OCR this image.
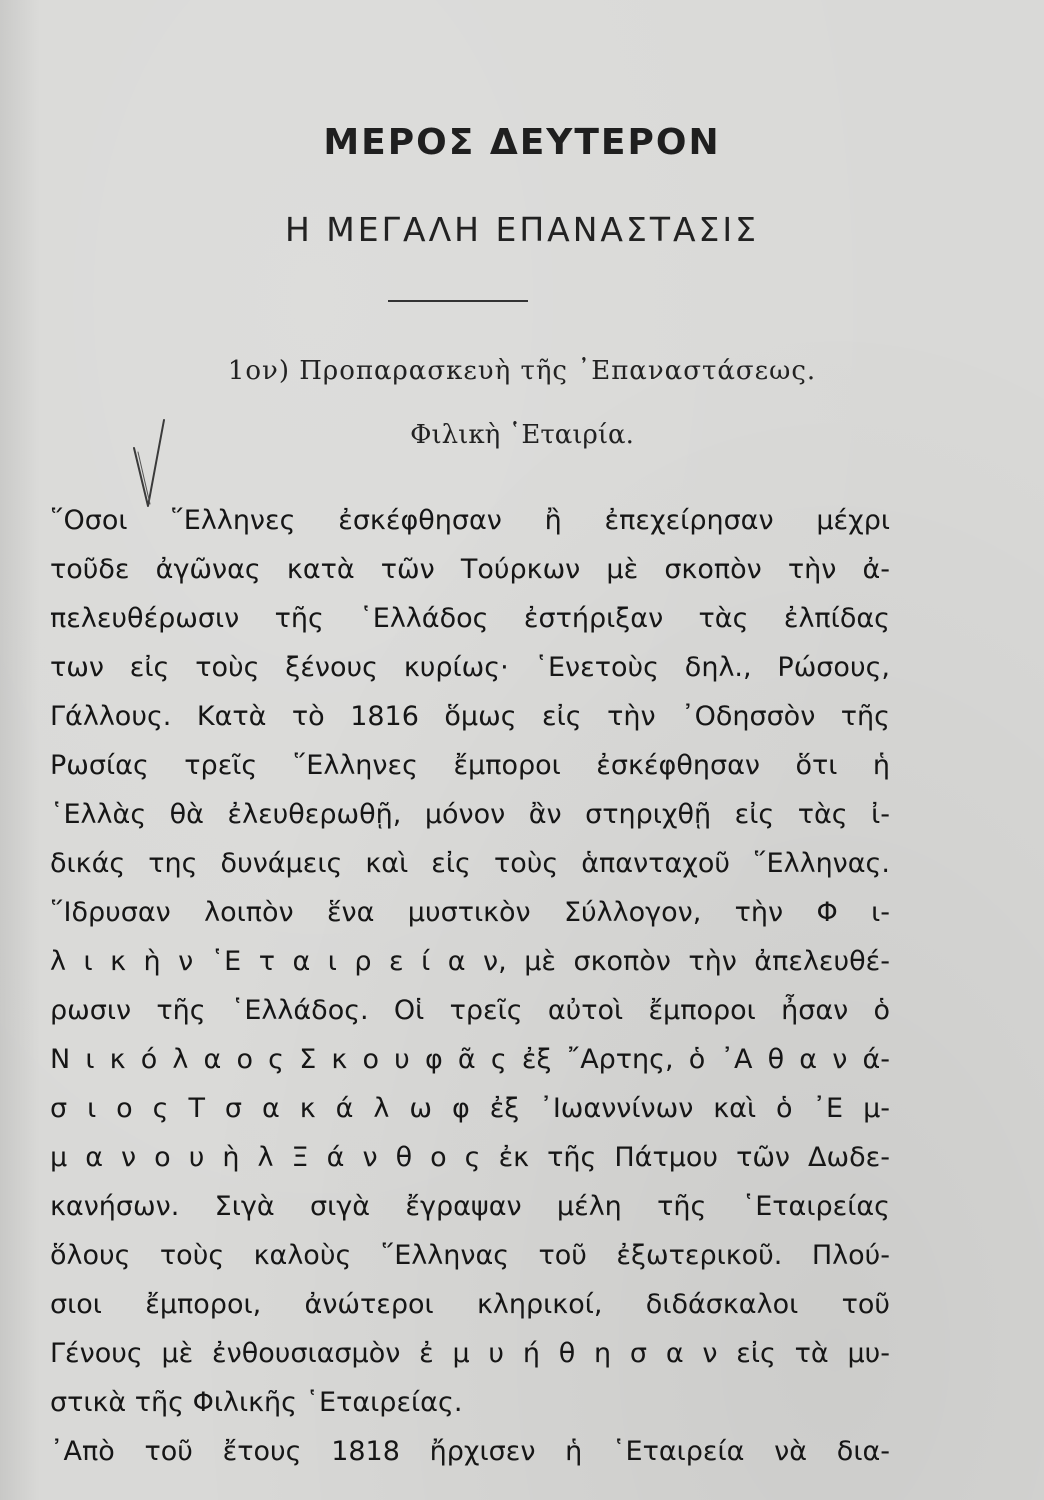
ΜΕΡΟΣ ΔΕΥΤΕΡΟΝ
Η ΜΕΓΑΛΗ ΕΠΑΝΑΣΤΑΣΙΣ
1ον) Προπαρασκευὴ τῆς ᾿Επαναστάσεως.
Φιλικὴ ῾Εταιρία.
῞Οσοι ῞Ελληνες ἐσκέφθησαν ἢ ἐπεχείρησαν μέχρι
τοῦδε ἀγῶνας κατὰ τῶν Τούρκων μὲ σκοπὸν τὴν ἀ-
πελευθέρωσιν τῆς ῾Ελλάδος ἐστήριξαν τὰς ἐλπίδας
των εἰς τοὺς ξένους κυρίως· ῾Ενετοὺς δηλ., Ρώσους,
Γάλλους. Κατὰ τὸ 1816 ὅμως εἰς τὴν ᾿Οδησσὸν τῆς
Ρωσίας τρεῖς ῞Ελληνες ἔμποροι ἐσκέφθησαν ὅτι ἡ
῾Ελλὰς θὰ ἐλευθερωθῇ, μόνον ἂν στηριχθῇ εἰς τὰς ἰ-
δικάς της δυνάμεις καὶ εἰς τοὺς ἁπανταχοῦ ῞Ελληνας.
῞Ιδρυσαν λοιπὸν ἕνα μυστικὸν Σύλλογον, τὴν Φ ι-
λ ι κ ὴ ν ῾Ε τ α ι ρ ε ί α ν, μὲ σκοπὸν τὴν ἀπελευθέ-
ρωσιν τῆς ῾Ελλάδος. Οἱ τρεῖς αὐτοὶ ἔμποροι ἦσαν ὁ
Ν ι κ ό λ α ο ς Σ κ ο υ φ ᾶ ς ἐξ ῎Αρτης, ὁ ᾿Α θ α ν ά-
σ ι ο ς Τ σ α κ ά λ ω φ ἐξ ᾿Ιωαννίνων καὶ ὁ ᾿Ε μ-
μ α ν ο υ ὴ λ Ξ ά ν θ ο ς ἐκ τῆς Πάτμου τῶν Δωδε-
κανήσων. Σιγὰ σιγὰ ἔγραψαν μέλη τῆς ῾Εταιρείας
ὅλους τοὺς καλοὺς ῞Ελληνας τοῦ ἐξωτερικοῦ. Πλού-
σιοι ἔμποροι, ἀνώτεροι κληρικοί, διδάσκαλοι τοῦ
Γένους μὲ ἐνθουσιασμὸν ἐ μ υ ή θ η σ α ν εἰς τὰ μυ-
στικὰ τῆς Φιλικῆς ῾Εταιρείας.
᾿Απὸ τοῦ ἔτους 1818 ἤρχισεν ἡ ῾Εταιρεία νὰ δια-
